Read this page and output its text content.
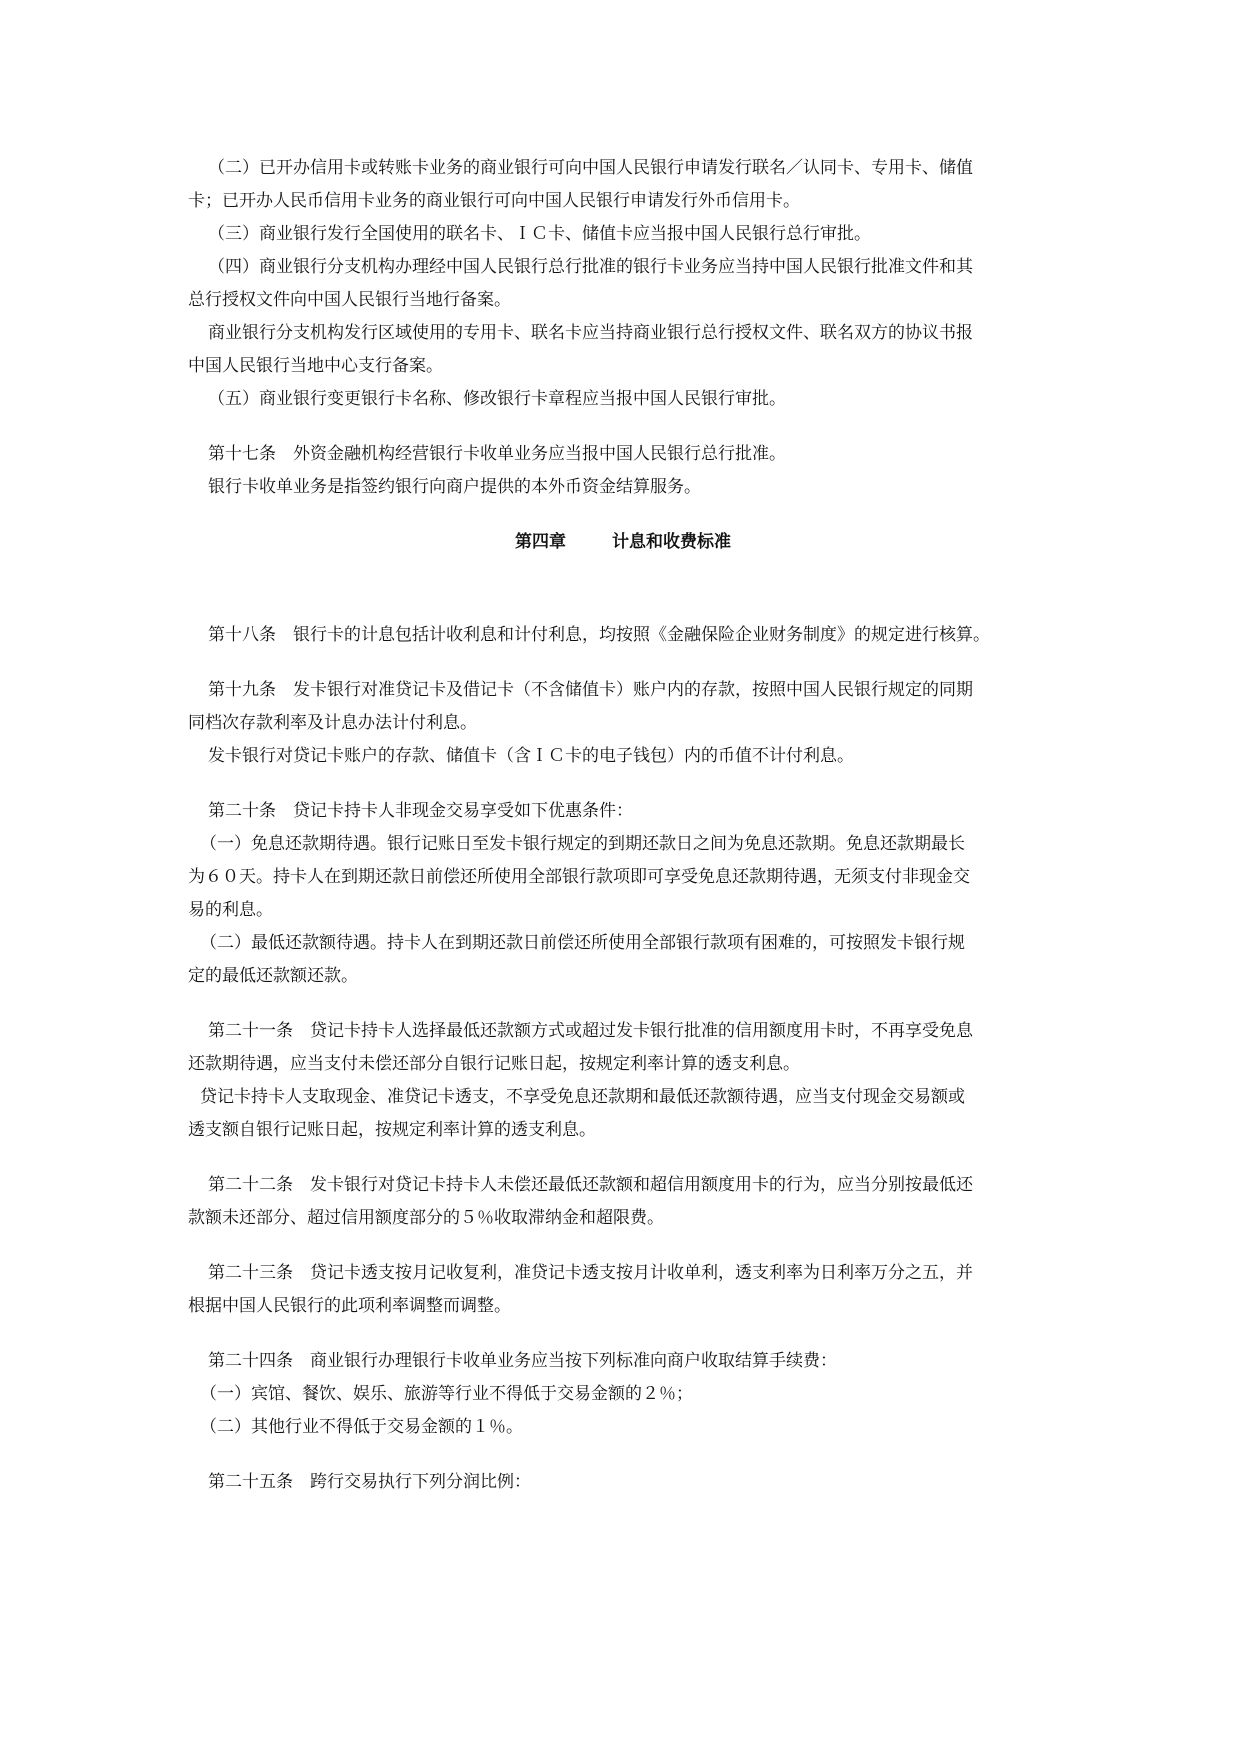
（二）已开办信用卡或转账卡业务的商业银行可向中国人民银行申请发行联名／认同卡、专用卡、储值
卡；已开办人民币信用卡业务的商业银行可向中国人民银行申请发行外币信用卡。
（三）商业银行发行全国使用的联名卡、ＩＣ卡、储值卡应当报中国人民银行总行审批。
（四）商业银行分支机构办理经中国人民银行总行批准的银行卡业务应当持中国人民银行批准文件和其
总行授权文件向中国人民银行当地行备案。
商业银行分支机构发行区域使用的专用卡、联名卡应当持商业银行总行授权文件、联名双方的协议书报
中国人民银行当地中心支行备案。
（五）商业银行变更银行卡名称、修改银行卡章程应当报中国人民银行审批。
第十七条　外资金融机构经营银行卡收单业务应当报中国人民银行总行批准。
银行卡收单业务是指签约银行向商户提供的本外币资金结算服务。
第四章	计息和收费标准
第十八条　银行卡的计息包括计收利息和计付利息，均按照《金融保险企业财务制度》的规定进行核算。
第十九条　发卡银行对准贷记卡及借记卡（不含储值卡）账户内的存款，按照中国人民银行规定的同期
同档次存款利率及计息办法计付利息。
发卡银行对贷记卡账户的存款、储值卡（含ＩＣ卡的电子钱包）内的币值不计付利息。
第二十条　贷记卡持卡人非现金交易享受如下优惠条件：
（一）免息还款期待遇。银行记账日至发卡银行规定的到期还款日之间为免息还款期。免息还款期最长
为６０天。持卡人在到期还款日前偿还所使用全部银行款项即可享受免息还款期待遇，无须支付非现金交
易的利息。
（二）最低还款额待遇。持卡人在到期还款日前偿还所使用全部银行款项有困难的，可按照发卡银行规
定的最低还款额还款。
第二十一条　贷记卡持卡人选择最低还款额方式或超过发卡银行批准的信用额度用卡时，不再享受免息
还款期待遇，应当支付未偿还部分自银行记账日起，按规定利率计算的透支利息。
贷记卡持卡人支取现金、准贷记卡透支，不享受免息还款期和最低还款额待遇，应当支付现金交易额或
透支额自银行记账日起，按规定利率计算的透支利息。
第二十二条　发卡银行对贷记卡持卡人未偿还最低还款额和超信用额度用卡的行为，应当分别按最低还
款额未还部分、超过信用额度部分的５％收取滞纳金和超限费。
第二十三条　贷记卡透支按月记收复利，准贷记卡透支按月计收单利，透支利率为日利率万分之五，并
根据中国人民银行的此项利率调整而调整。
第二十四条　商业银行办理银行卡收单业务应当按下列标准向商户收取结算手续费：
（一）宾馆、餐饮、娱乐、旅游等行业不得低于交易金额的２％；
（二）其他行业不得低于交易金额的１％。
第二十五条　跨行交易执行下列分润比例：
